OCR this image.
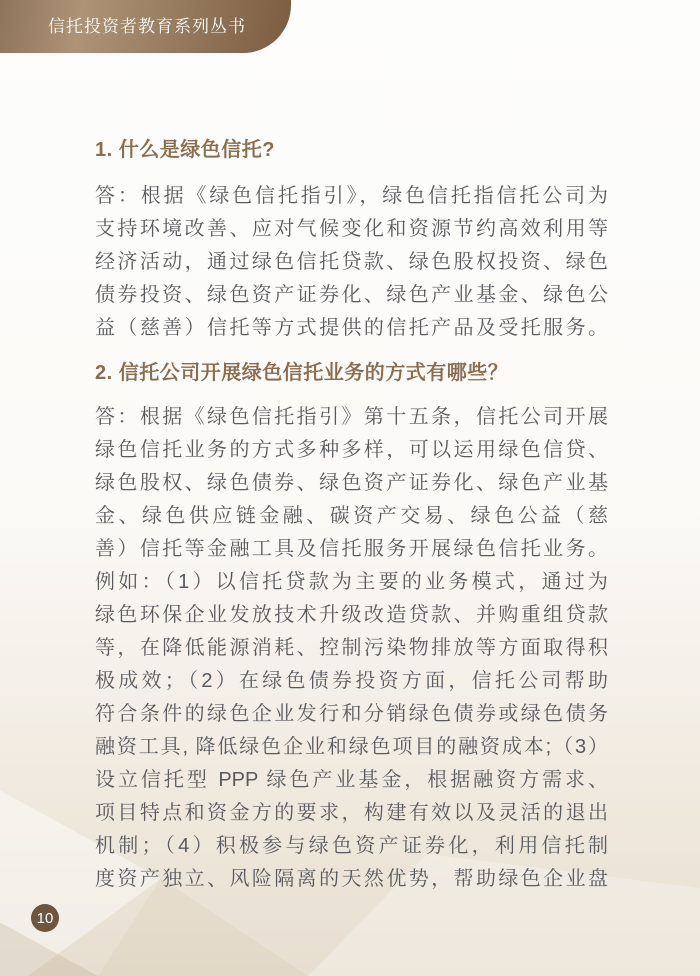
信托投资者教育系列丛书
1. 什么是绿色信托?
答：根据《绿色信托指引》，绿色信托指信托公司为
支持环境改善、应对气候变化和资源节约高效利用等
经济活动，通过绿色信托贷款、绿色股权投资、绿色
债券投资、绿色资产证券化、绿色产业基金、绿色公
益（慈善）信托等方式提供的信托产品及受托服务。
2. 信托公司开展绿色信托业务的方式有哪些？
答：根据《绿色信托指引》第十五条，信托公司开展
绿色信托业务的方式多种多样，可以运用绿色信贷、
绿色股权、绿色债券、绿色资产证券化、绿色产业基
金、绿色供应链金融、碳资产交易、绿色公益（慈
善）信托等金融工具及信托服务开展绿色信托业务。
例如：（1）以信托贷款为主要的业务模式，通过为
绿色环保企业发放技术升级改造贷款、并购重组贷款
等，在降低能源消耗、控制污染物排放等方面取得积
极成效；（2）在绿色债券投资方面，信托公司帮助
符合条件的绿色企业发行和分销绿色债券或绿色债务
融资工具, 降低绿色企业和绿色项目的融资成本;（3）
设立信托型 PPP 绿色产业基金，根据融资方需求、
项目特点和资金方的要求，构建有效以及灵活的退出
机制；（4）积极参与绿色资产证券化，利用信托制
度资产独立、风险隔离的天然优势，帮助绿色企业盘
10
